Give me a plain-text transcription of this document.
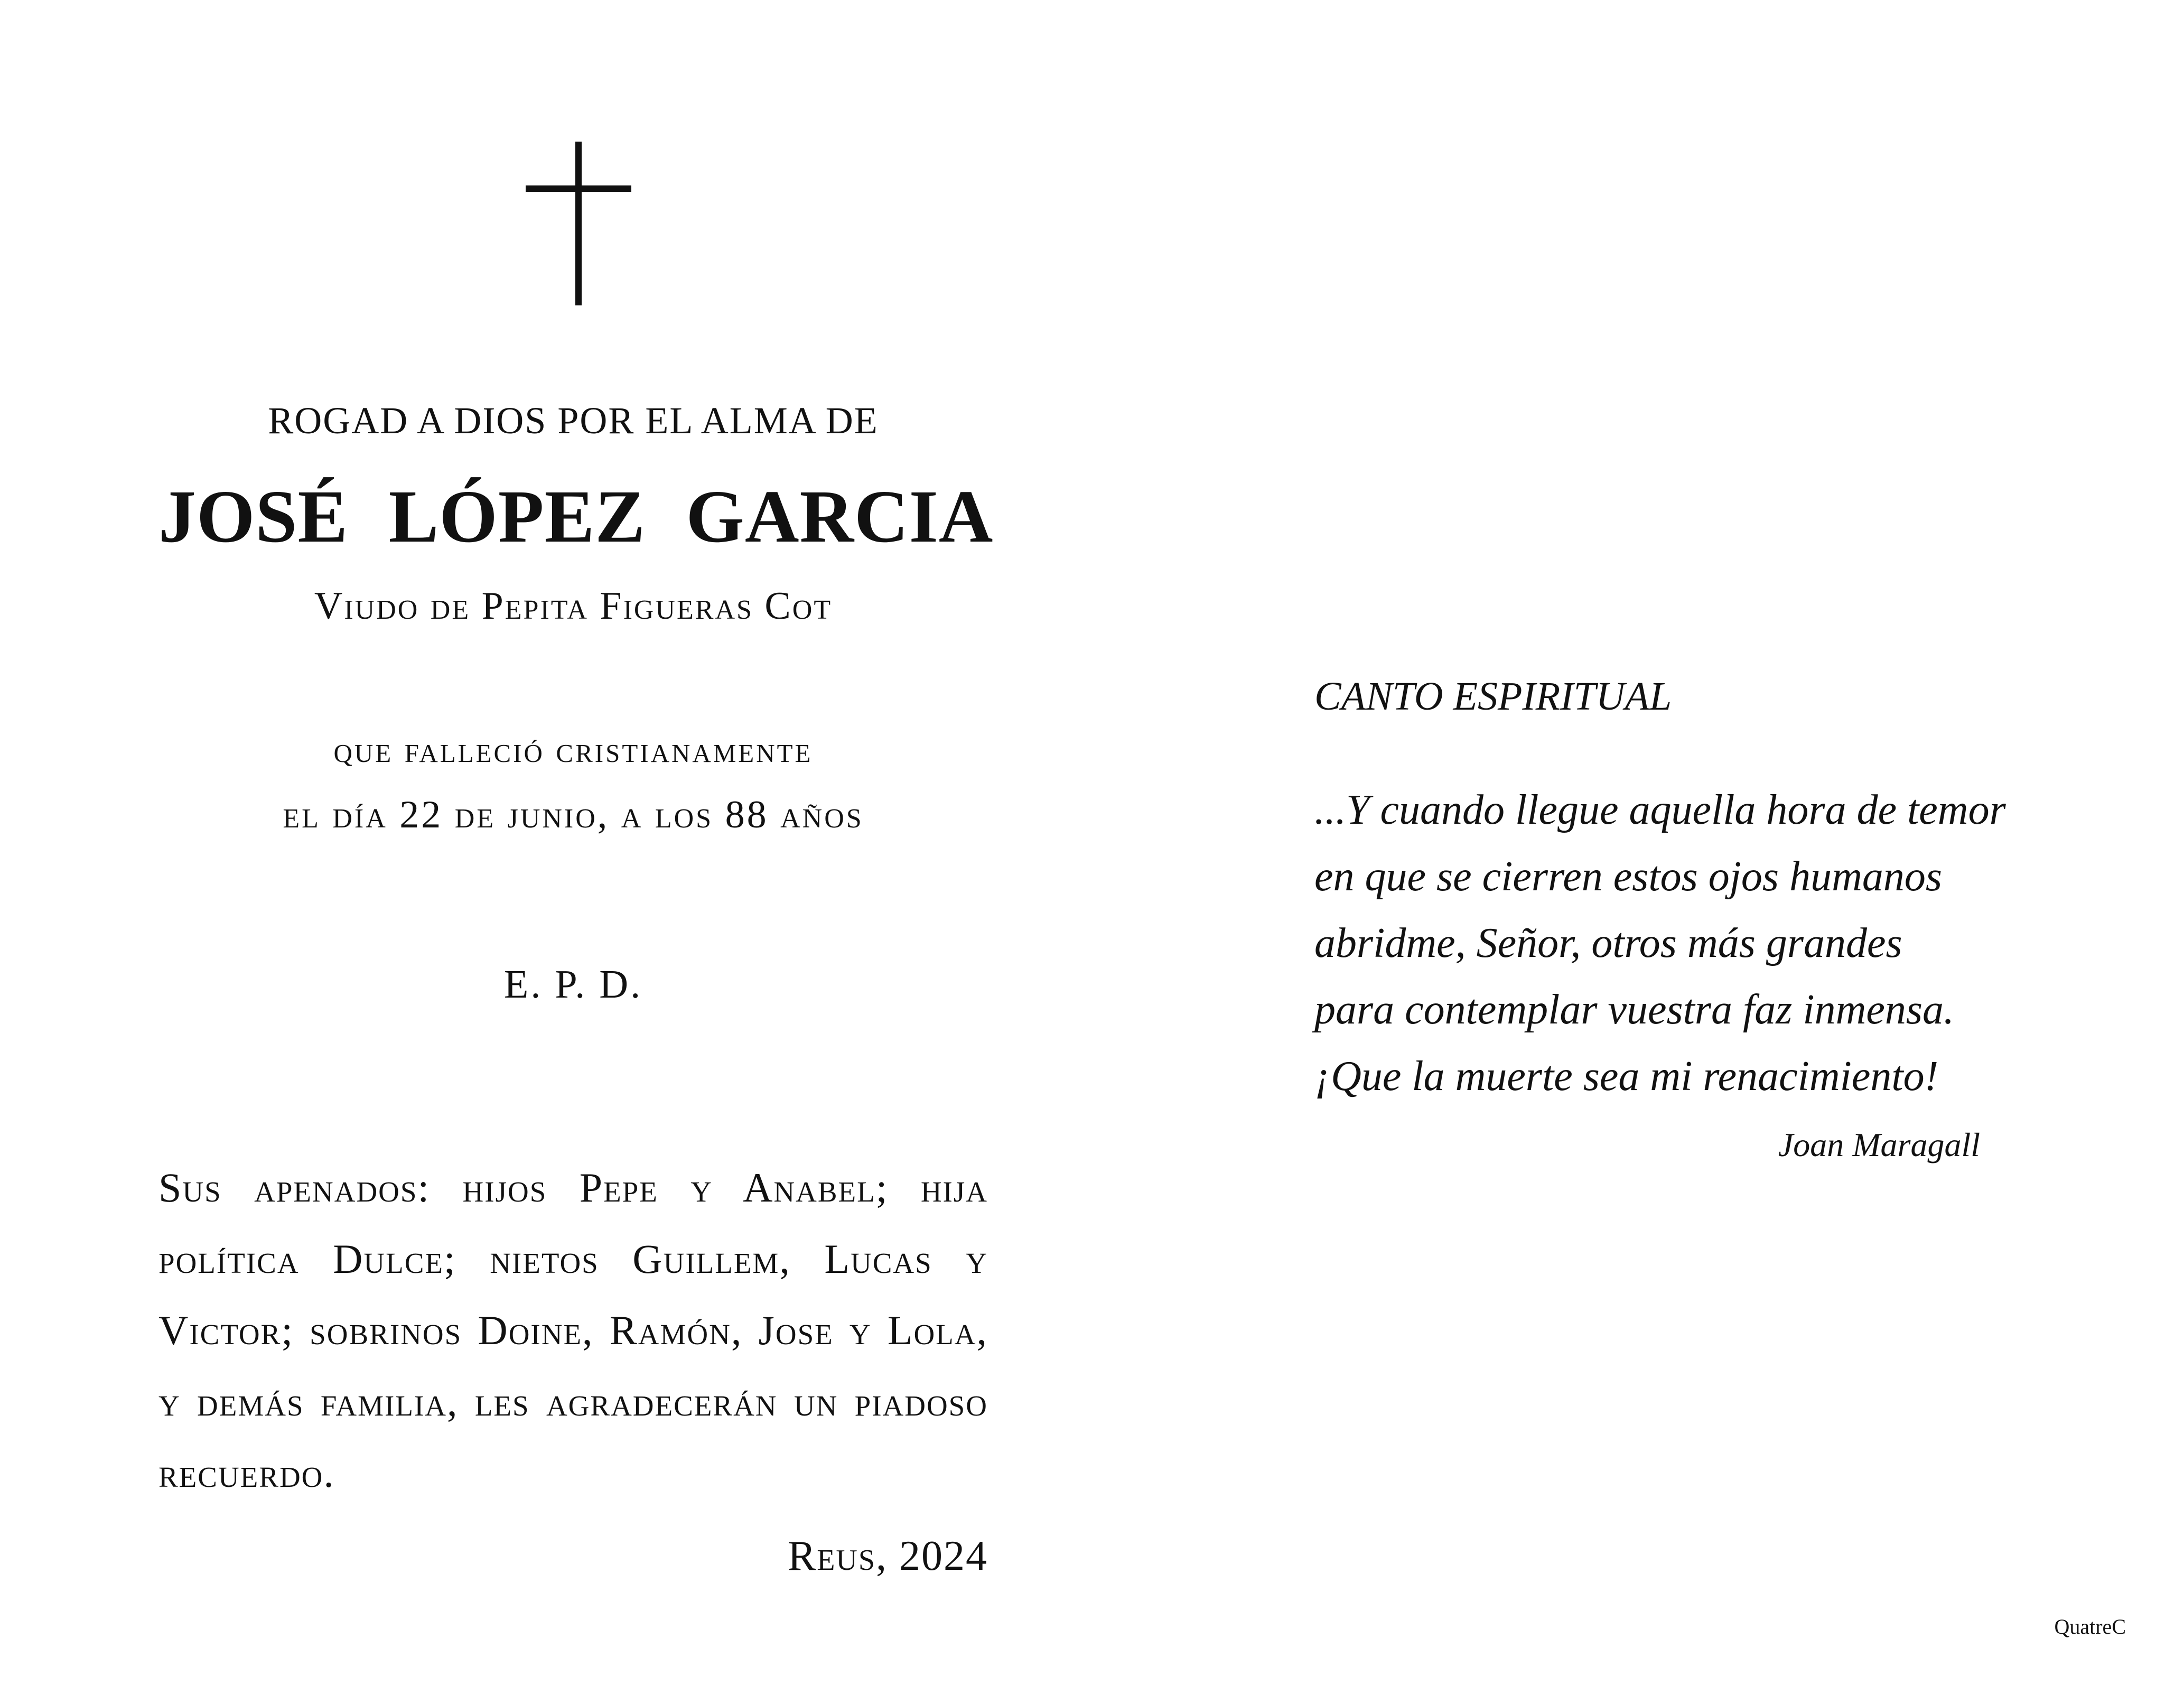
ROGAD A DIOS POR EL ALMA DE
JOSÉ LÓPEZ GARCIA
Viudo de Pepita Figueras Cot
que falleció cristianamente
el día 22 de junio, a los 88 años
E. P. D.
Sus apenados: hijos Pepe y Anabel; hija política Dulce; nietos Guillem, Lucas y Victor; sobrinos Doine, Ramón, Jose y Lola, y demás familia, les agradecerán un piadoso recuerdo.
Reus, 2024
CANTO ESPIRITUAL
...Y cuando llegue aquella hora de temor
en que se cierren estos ojos humanos
abridme, Señor, otros más grandes
para contemplar vuestra faz inmensa.
¡Que la muerte sea mi renacimiento!
Joan Maragall
QuatreC
